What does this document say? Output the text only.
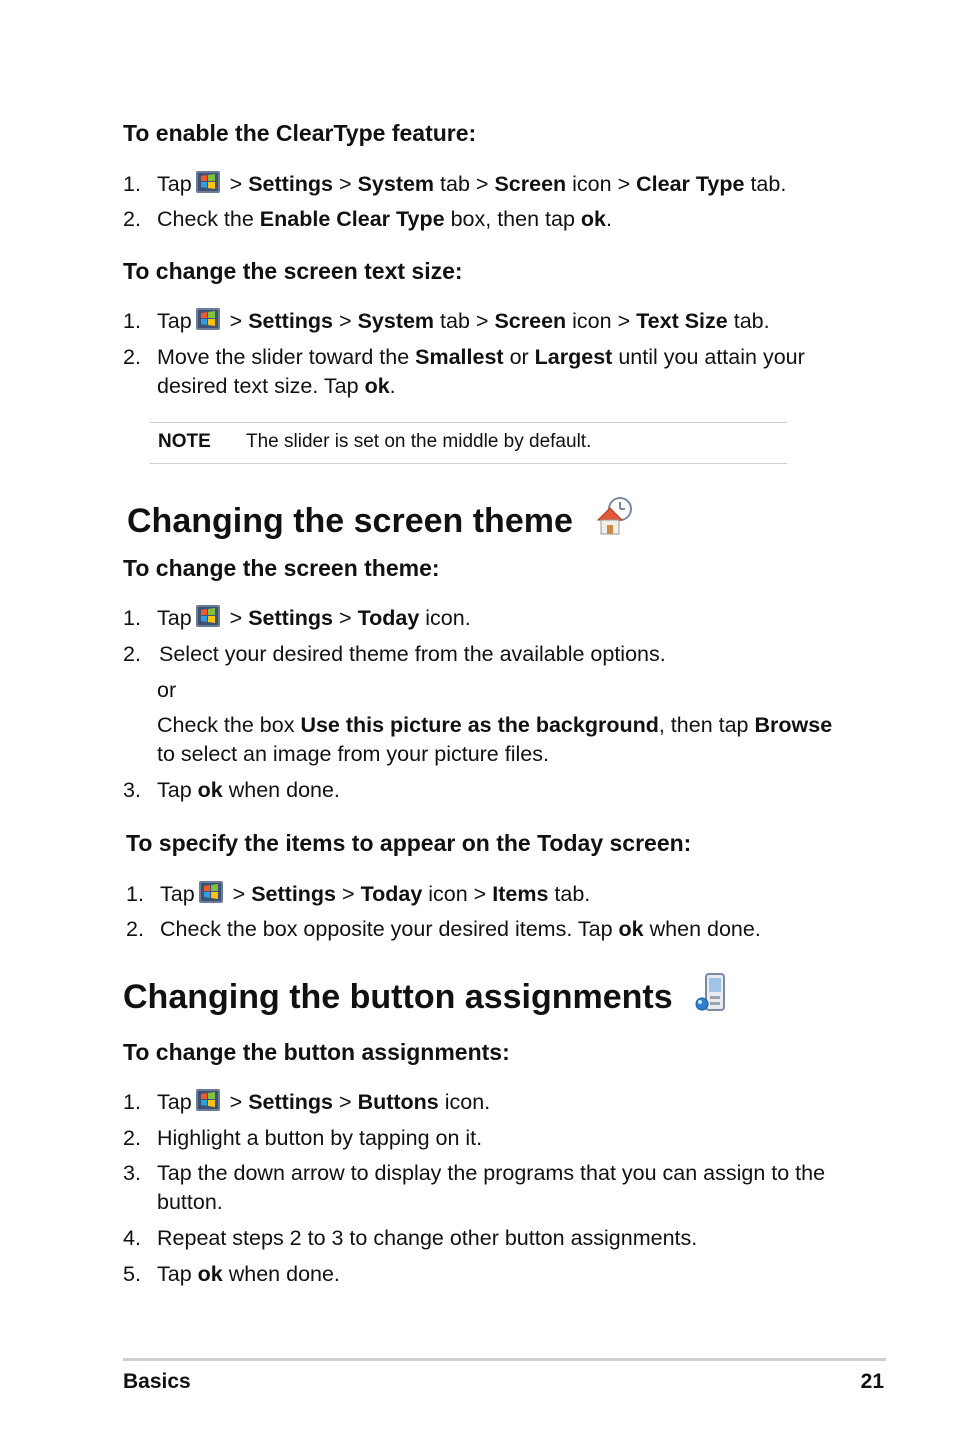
To enable the ClearType feature:
1. Tap > Settings > System tab > Screen icon > Clear Type tab.
2. Check the Enable Clear Type box, then tap ok.
To change the screen text size:
1. Tap > Settings > System tab > Screen icon > Text Size tab.
2. Move the slider toward the Smallest or Largest until you attain your
desired text size. Tap ok.
NOTE The slider is set on the middle by default.
Changing the screen theme
To change the screen theme:
1. Tap > Settings > Today icon.
2. Select your desired theme from the available options.
or
Check the box Use this picture as the background, then tap Browse
to select an image from your picture files.
3. Tap ok when done.
To specify the items to appear on the Today screen:
1. Tap > Settings > Today icon > Items tab.
2. Check the box opposite your desired items. Tap ok when done.
Changing the button assignments
To change the button assignments:
1. Tap > Settings > Buttons icon.
2. Highlight a button by tapping on it.
3. Tap the down arrow to display the programs that you can assign to the
button.
4. Repeat steps 2 to 3 to change other button assignments.
5. Tap ok when done.
Basics	21
